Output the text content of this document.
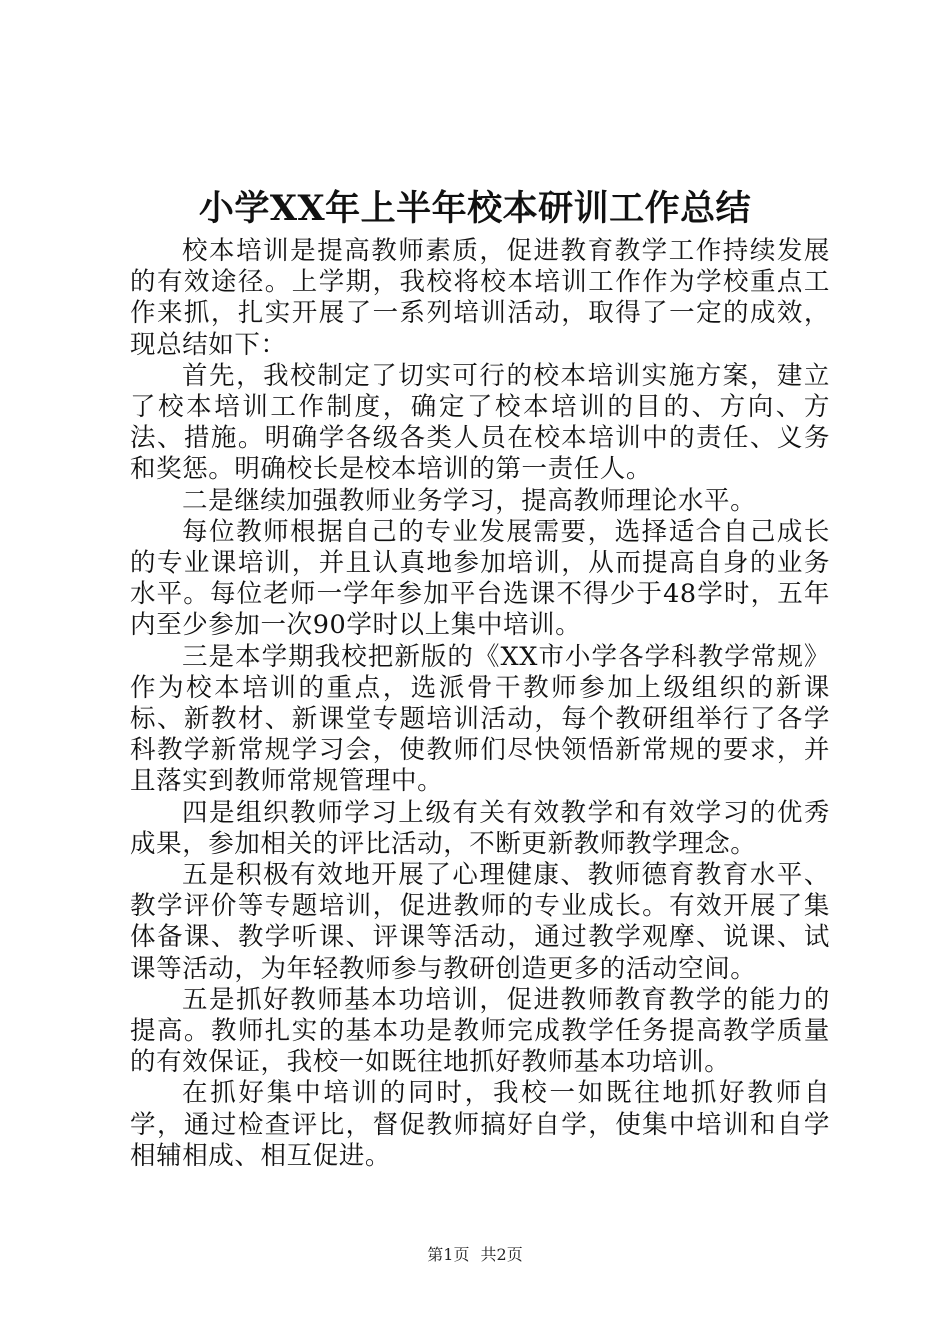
小学XX年上半年校本研训工作总结

校本培训是提高教师素质，促进教育教学工作持续发展的有效途径。上学期，我校将校本培训工作作为学校重点工作来抓，扎实开展了一系列培训活动，取得了一定的成效，现总结如下：

首先，我校制定了切实可行的校本培训实施方案，建立了校本培训工作制度，确定了校本培训的目的、方向、方法、措施。明确学各级各类人员在校本培训中的责任、义务和奖惩。明确校长是校本培训的第一责任人。

二是继续加强教师业务学习，提高教师理论水平。

每位教师根据自己的专业发展需要，选择适合自己成长的专业课培训，并且认真地参加培训，从而提高自身的业务水平。每位老师一学年参加平台选课不得少于48学时，五年内至少参加一次90学时以上集中培训。

三是本学期我校把新版的《XX市小学各学科教学常规》作为校本培训的重点，选派骨干教师参加上级组织的新课标、新教材、新课堂专题培训活动，每个教研组举行了各学科教学新常规学习会，使教师们尽快领悟新常规的要求，并且落实到教师常规管理中。

四是组织教师学习上级有关有效教学和有效学习的优秀成果，参加相关的评比活动，不断更新教师教学理念。

五是积极有效地开展了心理健康、教师德育教育水平、教学评价等专题培训，促进教师的专业成长。有效开展了集体备课、教学听课、评课等活动，通过教学观摩、说课、试课等活动，为年轻教师参与教研创造更多的活动空间。

五是抓好教师基本功培训，促进教师教育教学的能力的提高。教师扎实的基本功是教师完成教学任务提高教学质量的有效保证，我校一如既往地抓好教师基本功培训。

在抓好集中培训的同时，我校一如既往地抓好教师自学，通过检查评比，督促教师搞好自学，使集中培训和自学相辅相成、相互促进。

第1页 共2页
